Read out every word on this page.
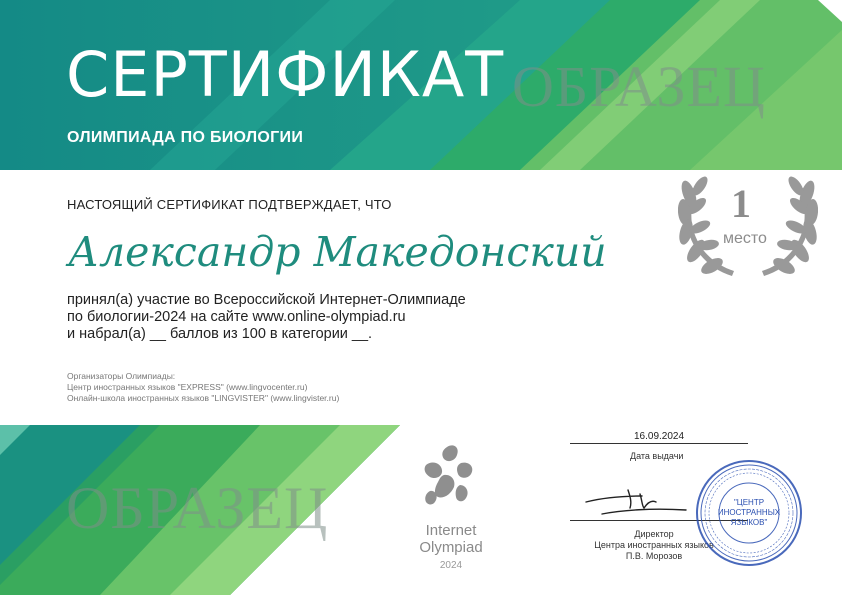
СЕРТИФИКАТ
ОЛИМПИАДА ПО БИОЛОГИИ
ОБРАЗЕЦ
ОБРАЗЕЦ
НАСТОЯЩИЙ СЕРТИФИКАТ ПОДТВЕРЖДАЕТ, ЧТО
Александр Македонский
принял(а) участие во Всероссийской Интернет-Олимпиаде
по биологии-2024 на сайте www.online-olympiad.ru
и набрал(а) __ баллов из 100 в категории __.
Организаторы Олимпиады:
Центр иностранных языков "EXPRESS" (www.lingvocenter.ru)
Онлайн-школа иностранных языков "LINGVISTER" (www.lingvister.ru)
1
место
Internet
Olympiad
2024
16.09.2024
Дата выдачи
Директор
Центра иностранных языков
П.В. Морозов
"ЦЕНТР
ИНОСТРАННЫХ
ЯЗЫКОВ"
